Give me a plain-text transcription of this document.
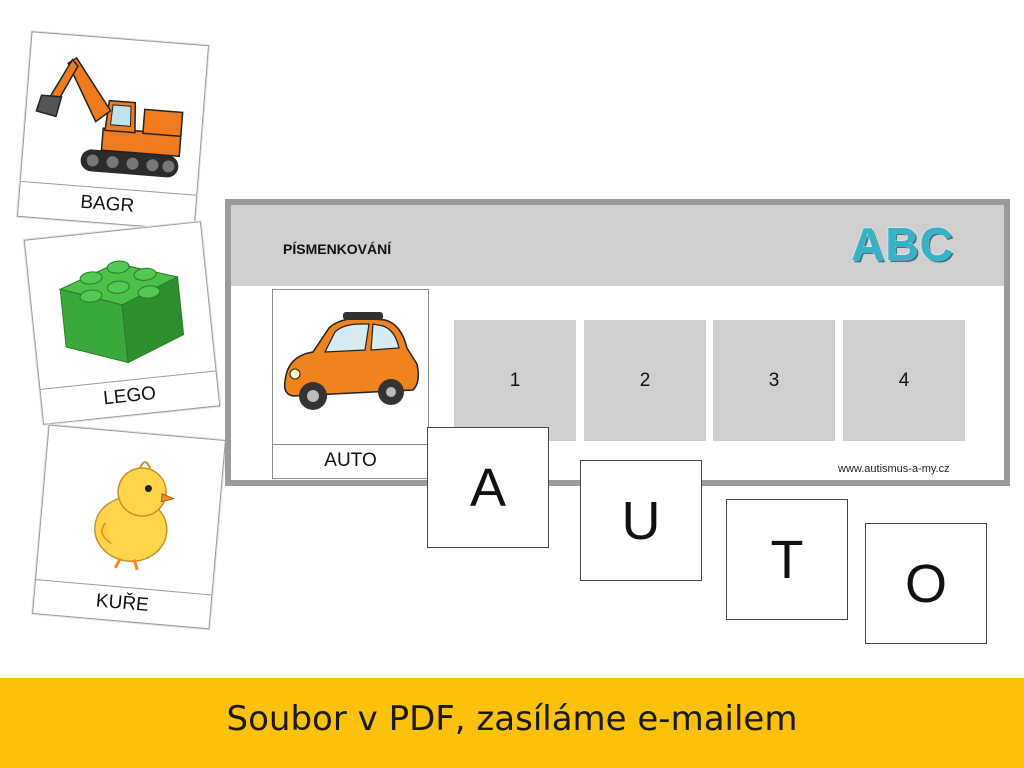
BAGR
LEGO
KUŘE
PÍSMENKOVÁNÍ	ABC
AUTO
1	2	3	4
www.autismus-a-my.cz
A
U
T	O
Soubor v PDF, zasíláme e-mailem
